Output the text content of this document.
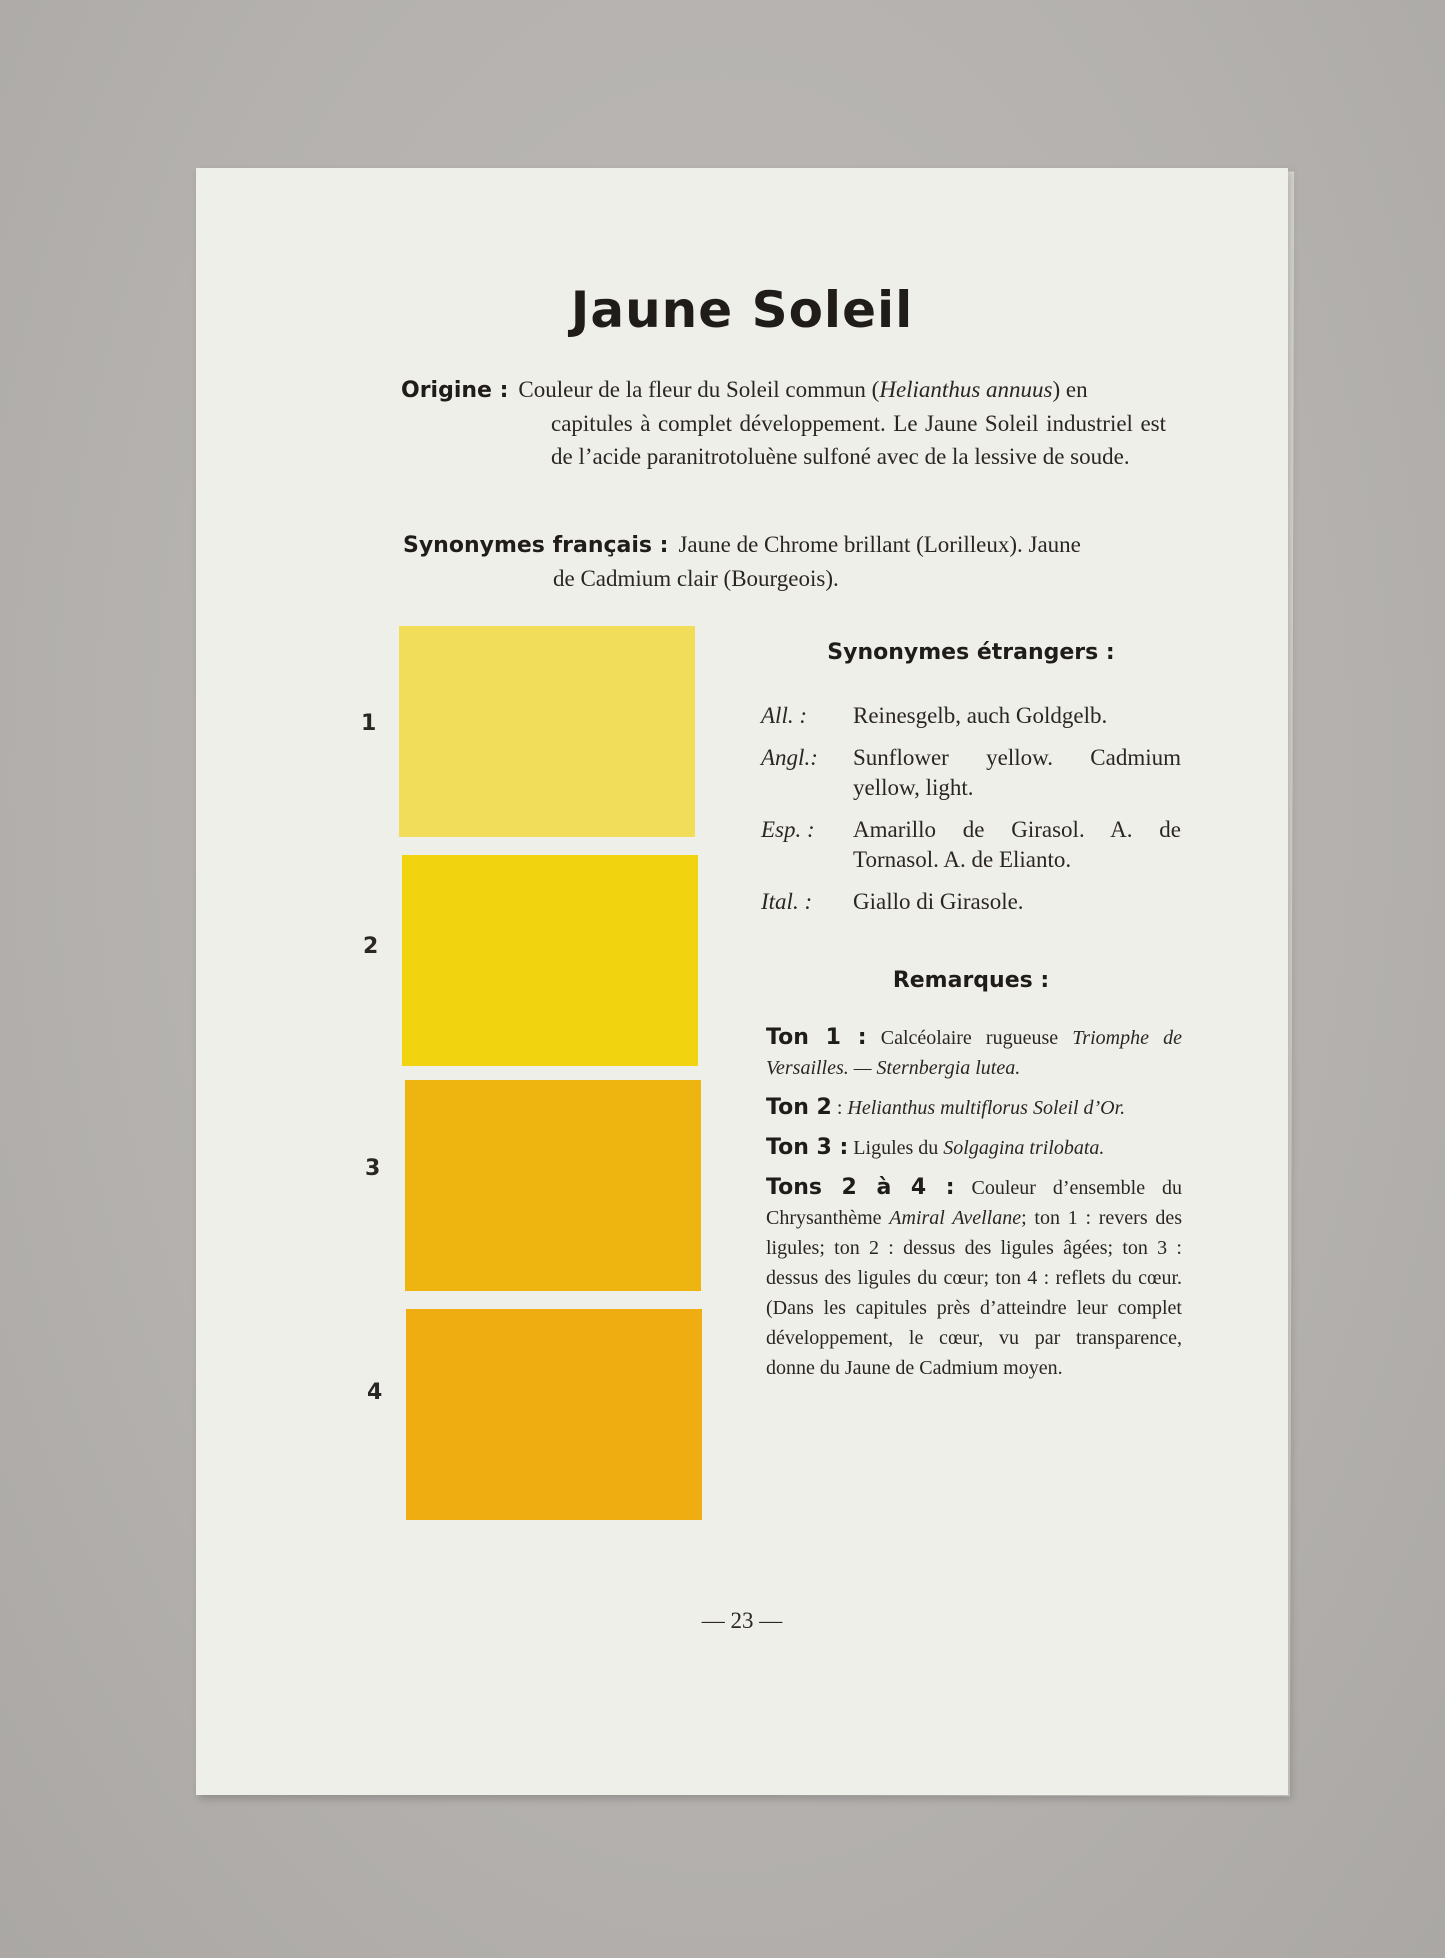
Jaune Soleil
Origine : Couleur de la fleur du Soleil commun (Helianthus annuus) en
capitules à complet développement. Le Jaune Soleil industriel est de l’acide paranitrotoluène sulfoné avec de la lessive de soude.
Synonymes français : Jaune de Chrome brillant (Lorilleux). Jaune
de Cadmium clair (Bourgeois).
1
2
3
4
Synonymes étrangers :
All. :	Reinesgelb, auch Goldgelb.
Angl.:	Sunflower yellow. Cadmium yellow, light.
Esp. :	Amarillo de Girasol. A. de Tornasol. A. de Elianto.
Ital. :	Giallo di Girasole.
Remarques :
Ton 1 : Calcéolaire rugueuse Triomphe de Versailles. — Sternbergia lutea.
Ton 2 : Helianthus multiflorus Soleil d’Or.
Ton 3 : Ligules du Solgagina trilobata.
Tons 2 à 4 : Couleur d’ensemble du Chrysanthème Amiral Avellane; ton 1 : revers des ligules; ton 2 : dessus des ligules âgées; ton 3 : dessus des ligules du cœur; ton 4 : reflets du cœur. (Dans les capitules près d’atteindre leur complet développement, le cœur, vu par transparence, donne du Jaune de Cadmium moyen.
— 23 —
